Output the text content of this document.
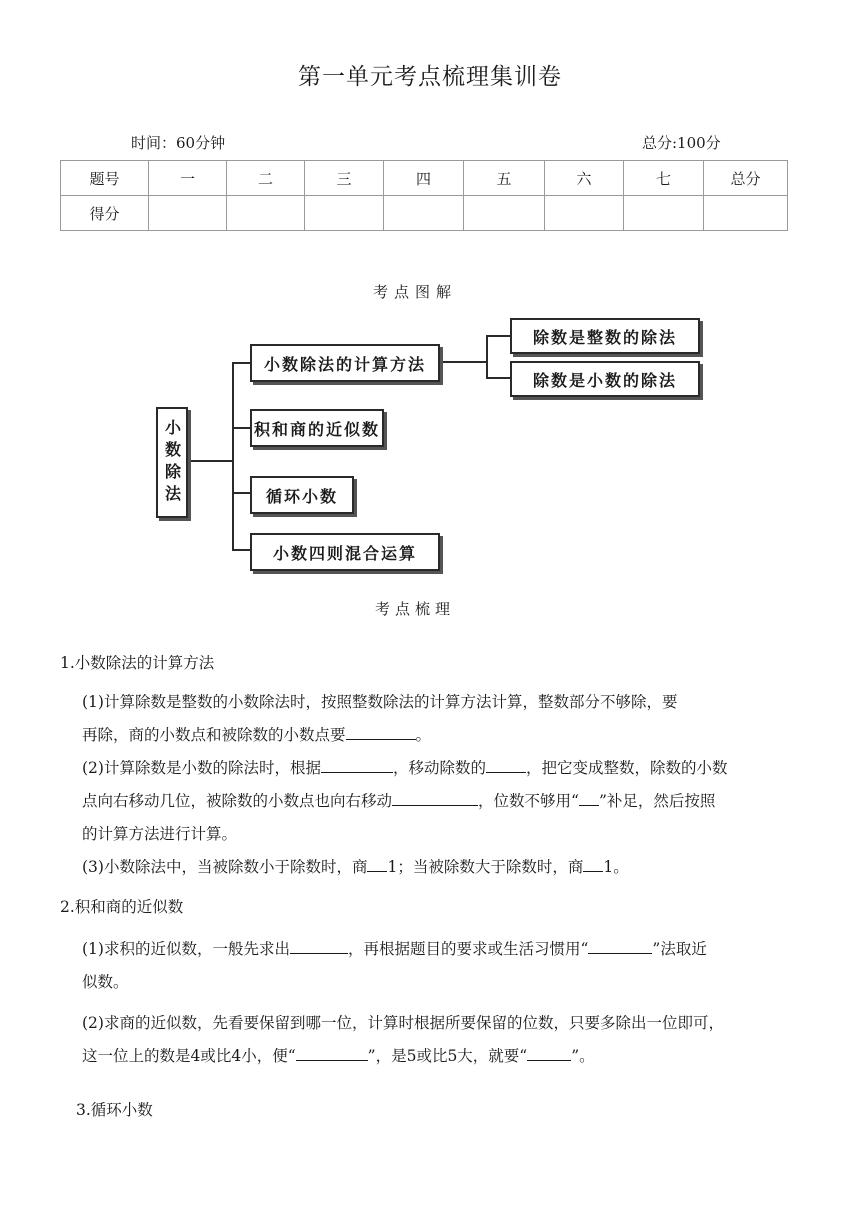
第一单元考点梳理集训卷
时间：60分钟	总分:100分
题号	一	二	三	四	五	六	七	总分
得分								
考点图解
小数除法
小数除法的计算方法
除数是整数的除法
除数是小数的除法
积和商的近似数
循环小数
小数四则混合运算
考点梳理
1.小数除法的计算方法

(1)计算除数是整数的小数除法时，按照整数除法的计算方法计算，整数部分不够除，要

再除，商的小数点和被除数的小数点要	。

(2)计算除数是小数的除法时，根据	，移动除数的	，把它变成整数，除数的小数

点向右移动几位，被除数的小数点也向右移动	，位数不够用“ ”补足，然后按照

的计算方法进行计算。

(3)小数除法中，当被除数小于除数时，商 1；当被除数大于除数时，商 1。

2.积和商的近似数

(1)求积的近似数，一般先求出	，再根据题目的要求或生活习惯用“	”法取近

似数。

(2)求商的近似数，先看要保留到哪一位，计算时根据所要保留的位数，只要多除出一位即可，

这一位上的数是4或比4小，便“	”，是5或比5大，就要“	”。

3.循环小数
